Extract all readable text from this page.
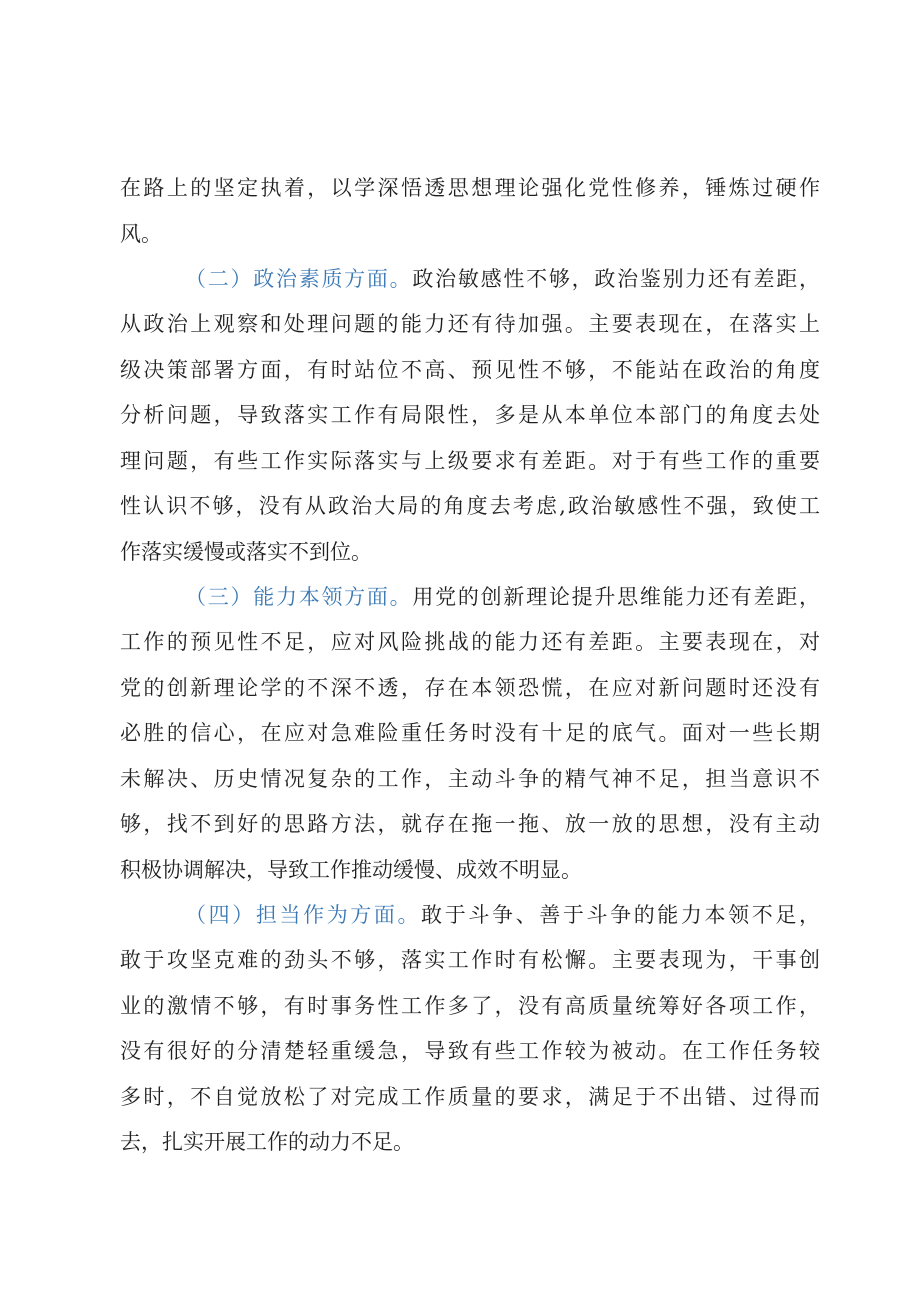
在路上的坚定执着，以学深悟透思想理论强化党性修养，锤炼过硬作
风。
（二）政治素质方面。政治敏感性不够，政治鉴别力还有差距，
从政治上观察和处理问题的能力还有待加强。主要表现在，在落实上
级决策部署方面，有时站位不高、预见性不够，不能站在政治的角度
分析问题，导致落实工作有局限性，多是从本单位本部门的角度去处
理问题，有些工作实际落实与上级要求有差距。对于有些工作的重要
性认识不够，没有从政治大局的角度去考虑,政治敏感性不强，致使工
作落实缓慢或落实不到位。
（三）能力本领方面。用党的创新理论提升思维能力还有差距，
工作的预见性不足，应对风险挑战的能力还有差距。主要表现在，对
党的创新理论学的不深不透，存在本领恐慌，在应对新问题时还没有
必胜的信心，在应对急难险重任务时没有十足的底气。面对一些长期
未解决、历史情况复杂的工作，主动斗争的精气神不足，担当意识不
够，找不到好的思路方法，就存在拖一拖、放一放的思想，没有主动
积极协调解决，导致工作推动缓慢、成效不明显。
（四）担当作为方面。敢于斗争、善于斗争的能力本领不足，
敢于攻坚克难的劲头不够，落实工作时有松懈。主要表现为，干事创
业的激情不够，有时事务性工作多了，没有高质量统筹好各项工作，
没有很好的分清楚轻重缓急，导致有些工作较为被动。在工作任务较
多时，不自觉放松了对完成工作质量的要求，满足于不出错、过得而
去，扎实开展工作的动力不足。
